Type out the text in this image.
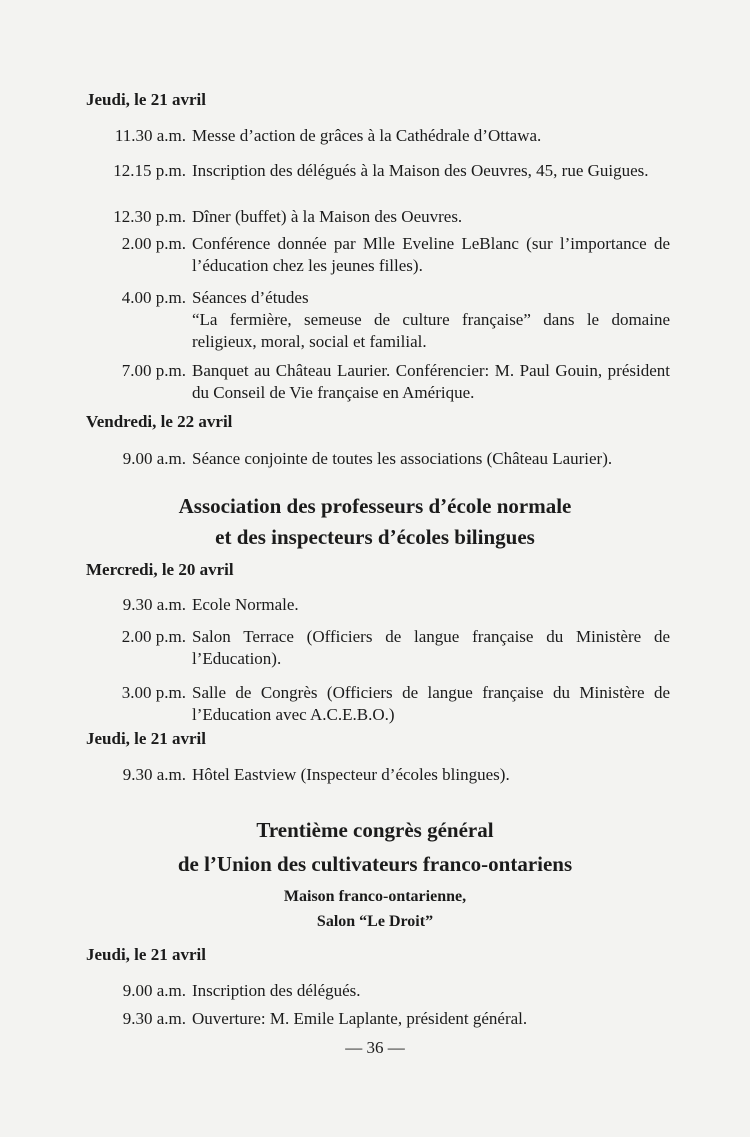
Jeudi, le 21 avril
11.30 a.m. Messe d’action de grâces à la Cathédrale d’Ottawa.
12.15 p.m. Inscription des délégués à la Maison des Oeuvres, 45, rue Guigues.
12.30 p.m. Dîner (buffet) à la Maison des Oeuvres.
2.00 p.m. Conférence donnée par Mlle Eveline LeBlanc (sur l’importance de l’éducation chez les jeunes filles).
4.00 p.m. Séances d’études
“La fermière, semeuse de culture française” dans le domaine religieux, moral, social et familial.
7.00 p.m. Banquet au Château Laurier. Conférencier: M. Paul Gouin, président du Conseil de Vie française en Amérique.
Vendredi, le 22 avril
9.00 a.m. Séance conjointe de toutes les associations (Château Laurier).
Association des professeurs d’école normale
et des inspecteurs d’écoles bilingues
Mercredi, le 20 avril
9.30 a.m. Ecole Normale.
2.00 p.m. Salon Terrace (Officiers de langue française du Ministère de l’Education).
3.00 p.m. Salle de Congrès (Officiers de langue française du Ministère de l’Education avec A.C.E.B.O.)
Jeudi, le 21 avril
9.30 a.m. Hôtel Eastview (Inspecteur d’écoles blingues).
Trentième congrès général
de l’Union des cultivateurs franco-ontariens
Maison franco-ontarienne,
Salon “Le Droit”
Jeudi, le 21 avril
9.00 a.m. Inscription des délégués.
9.30 a.m. Ouverture: M. Emile Laplante, président général.
— 36 —
